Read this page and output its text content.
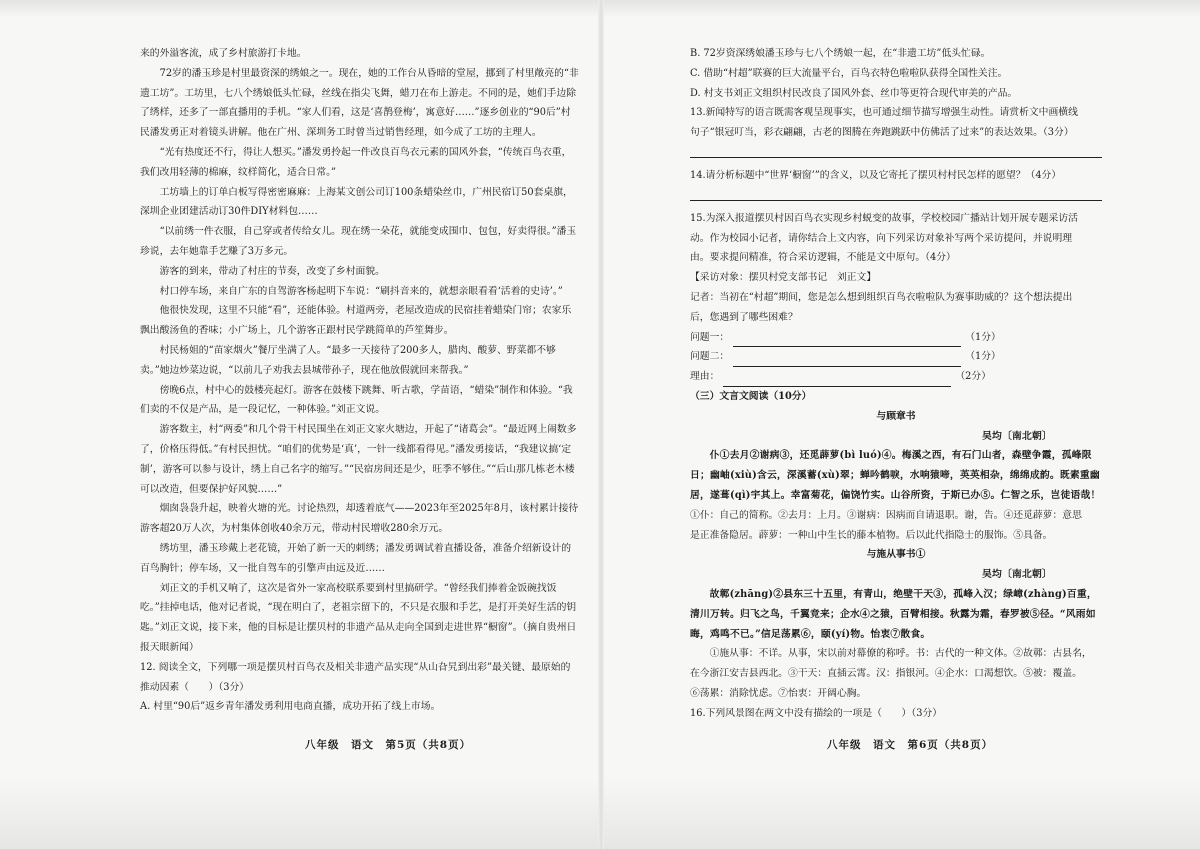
来的外溢客流，成了乡村旅游打卡地。

72岁的潘玉珍是村里最资深的绣娘之一。现在，她的工作台从昏暗的堂屋，挪到了村里敞亮的“非遗工坊”。工坊里，七八个绣娘低头忙碌，丝线在指尖飞舞，蜡刀在布上游走。不同的是，她们手边除了绣样，还多了一部直播用的手机。“家人们看，这是‘喜鹊登梅’，寓意好……”逐乡创业的“90后”村民潘发勇正对着镜头讲解。他在广州、深圳务工时曾当过销售经理，如今成了工坊的主理人。

“光有热度还不行，得让人想买。”潘发勇拎起一件改良百鸟衣元素的国风外套，“传统百鸟衣重，我们改用轻薄的棉麻，纹样简化，适合日常。”

工坊墙上的订单白板写得密密麻麻：上海某文创公司订100条蜡染丝巾，广州民宿订50套桌旗，深圳企业团建活动订30件DIY材料包……

“以前绣一件衣服，自己穿或者传给女儿。现在绣一朵花，就能变成围巾、包包，好卖得很。”潘玉珍说，去年她靠手艺赚了3万多元。

游客的到来，带动了村庄的节奏，改变了乡村面貌。

村口停车场，来自广东的自驾游客杨起明下车说：“刷抖音来的，就想亲眼看看‘活着的史诗’。”

他很快发现，这里不只能“看”，还能体验。村道两旁，老屋改造成的民宿挂着蜡染门帘；农家乐飘出酸汤鱼的香味；小广场上，几个游客正跟村民学跳简单的芦笙舞步。

村民杨姐的“苗家烟火”餐厅坐满了人。“最多一天接待了200多人，腊肉、酸萝、野菜都不够卖。”她边炒菜边说，“以前儿子劝我去县城带孙子，现在他放假就回来帮我。”

傍晚6点，村中心的鼓楼亮起灯。游客在鼓楼下跳舞、听古歌，学苗语，“蜡染”制作和体验。“我们卖的不仅是产品，是一段记忆，一种体验。”刘正文说。

游客数主，村“两委”和几个骨干村民围坐在刘正文家火塘边，开起了“诸葛会”。“最近网上闹数多了，价格压得低。”有村民担忧。“咱们的优势是‘真’，一针一线都看得见。”潘发勇接话，“我建议搞‘定制’，游客可以参与设计，绣上自己名字的缩写。”“民宿房间还是少，旺季不够住。”“后山那几栋老木楼可以改造，但要保护好风貌……”

烟囱袅袅升起，映着火塘的光。讨论热烈，却透着底气——2023年至2025年8月，该村累计接待游客超20万人次，为村集体创收40余万元，带动村民增收280余万元。

绣坊里，潘玉珍戴上老花镜，开始了新一天的刺绣；潘发勇调试着直播设备，准备介绍新设计的百鸟胸针；停车场，又一批自驾车的引擎声由远及近……

刘正文的手机又响了，这次是省外一家高校联系要到村里搞研学。“曾经我们捧着金饭碗找饭吃。”挂掉电话，他对记者说，“现在明白了，老祖宗留下的，不只是衣服和手艺，是打开美好生活的钥匙。”刘正文说，接下来，他的目标是让摆贝村的非遗产品从走向全国到走进世界“橱窗”。（摘自贵州日报天眼新闻）

12. 阅读全文，下列哪一项是摆贝村百鸟衣及相关非遗产品实现“从山旮旯到出彩”最关键、最原始的推动因素（　　）（3分）

A. 村里“90后”返乡青年潘发勇利用电商直播，成功开拓了线上市场。

八年级　语文　第5页（共8页）

B. 72岁资深绣娘潘玉珍与七八个绣娘一起，在“非遗工坊”低头忙碌。

C. 借助“村超”联赛的巨大流量平台，百鸟衣特色啦啦队获得全国性关注。

D. 村支书刘正文组织村民改良了国风外套、丝巾等更符合现代审美的产品。

13.新闻特写的语言既需客观呈现事实，也可通过细节描写增强生动性。请赏析文中画横线

句子“银冠叮当，彩衣翩翩，古老的图腾在奔跑跳跃中仿佛活了过来”的表达效果。（3分）

14.请分析标题中“世界‘橱窗’”的含义，以及它寄托了摆贝村村民怎样的愿望？（4分）

15.为深入报道摆贝村因百鸟衣实现乡村蜕变的故事，学校校园广播站计划开展专题采访活

动。作为校园小记者，请你结合上文内容，向下列采访对象补写两个采访提问，并说明理

由。要求提问精准，符合采访逻辑，不能是文中原句。（4分）

【采访对象：摆贝村党支部书记　刘正文】

记者：当初在“村超”期间，您是怎么想到组织百鸟衣啦啦队为赛事助威的？这个想法提出

后，您遇到了哪些困难？

问题一：	（1分）

问题二：	（1分）

理由：	（2分）

（三）文言文阅读（10分）

与顾章书

吴均〔南北朝〕

仆①去月②谢病③，还觅薜萝(bì luó)④。梅溪之西，有石门山者，森壁争霞，孤峰限日；幽岫(xiù)含云，深溪蓄(xù)翠；蝉吟鹤唳，水响猿啼，英英相杂，绵绵成韵。既素重幽居，遂葺(qì)宇其上。幸富菊花，偏饶竹实。山谷所资，于斯已办⑤。仁智之乐，岂徒语哉！

①仆：自己的简称。②去月：上月。③谢病：因病而自请退职。谢，告。④还觅薜萝：意思

是正准备隐居。薜萝：一种山中生长的藤本植物。后以此代指隐士的服饰。⑤具备。

与施从事书①

吴均〔南北朝〕

故鄣(zhāng)②县东三十五里，有青山，绝壁干天③，孤峰入汉；绿嶂(zhàng)百重，清川万转。归飞之鸟，千翼竞来；企水④之猿，百臂相接。秋露为霜，春罗被⑤径。“风雨如晦，鸡鸣不已。”信足荡累⑥，颐(yí)物。怡衷⑦散食。

①施从事：不详。从事，宋以前对幕僚的称呼。书：古代的一种文体。②故鄣：古县名，

在今浙江安吉县西北。③干天：直插云霄。汉：指银河。④企水：口渴想饮。⑤被：覆盖。

⑥荡累：消除忧虑。⑦怡衷：开阔心胸。

16.下列风景图在两文中没有描绘的一项是（　　）（3分）

八年级　语文　第6页（共8页）
